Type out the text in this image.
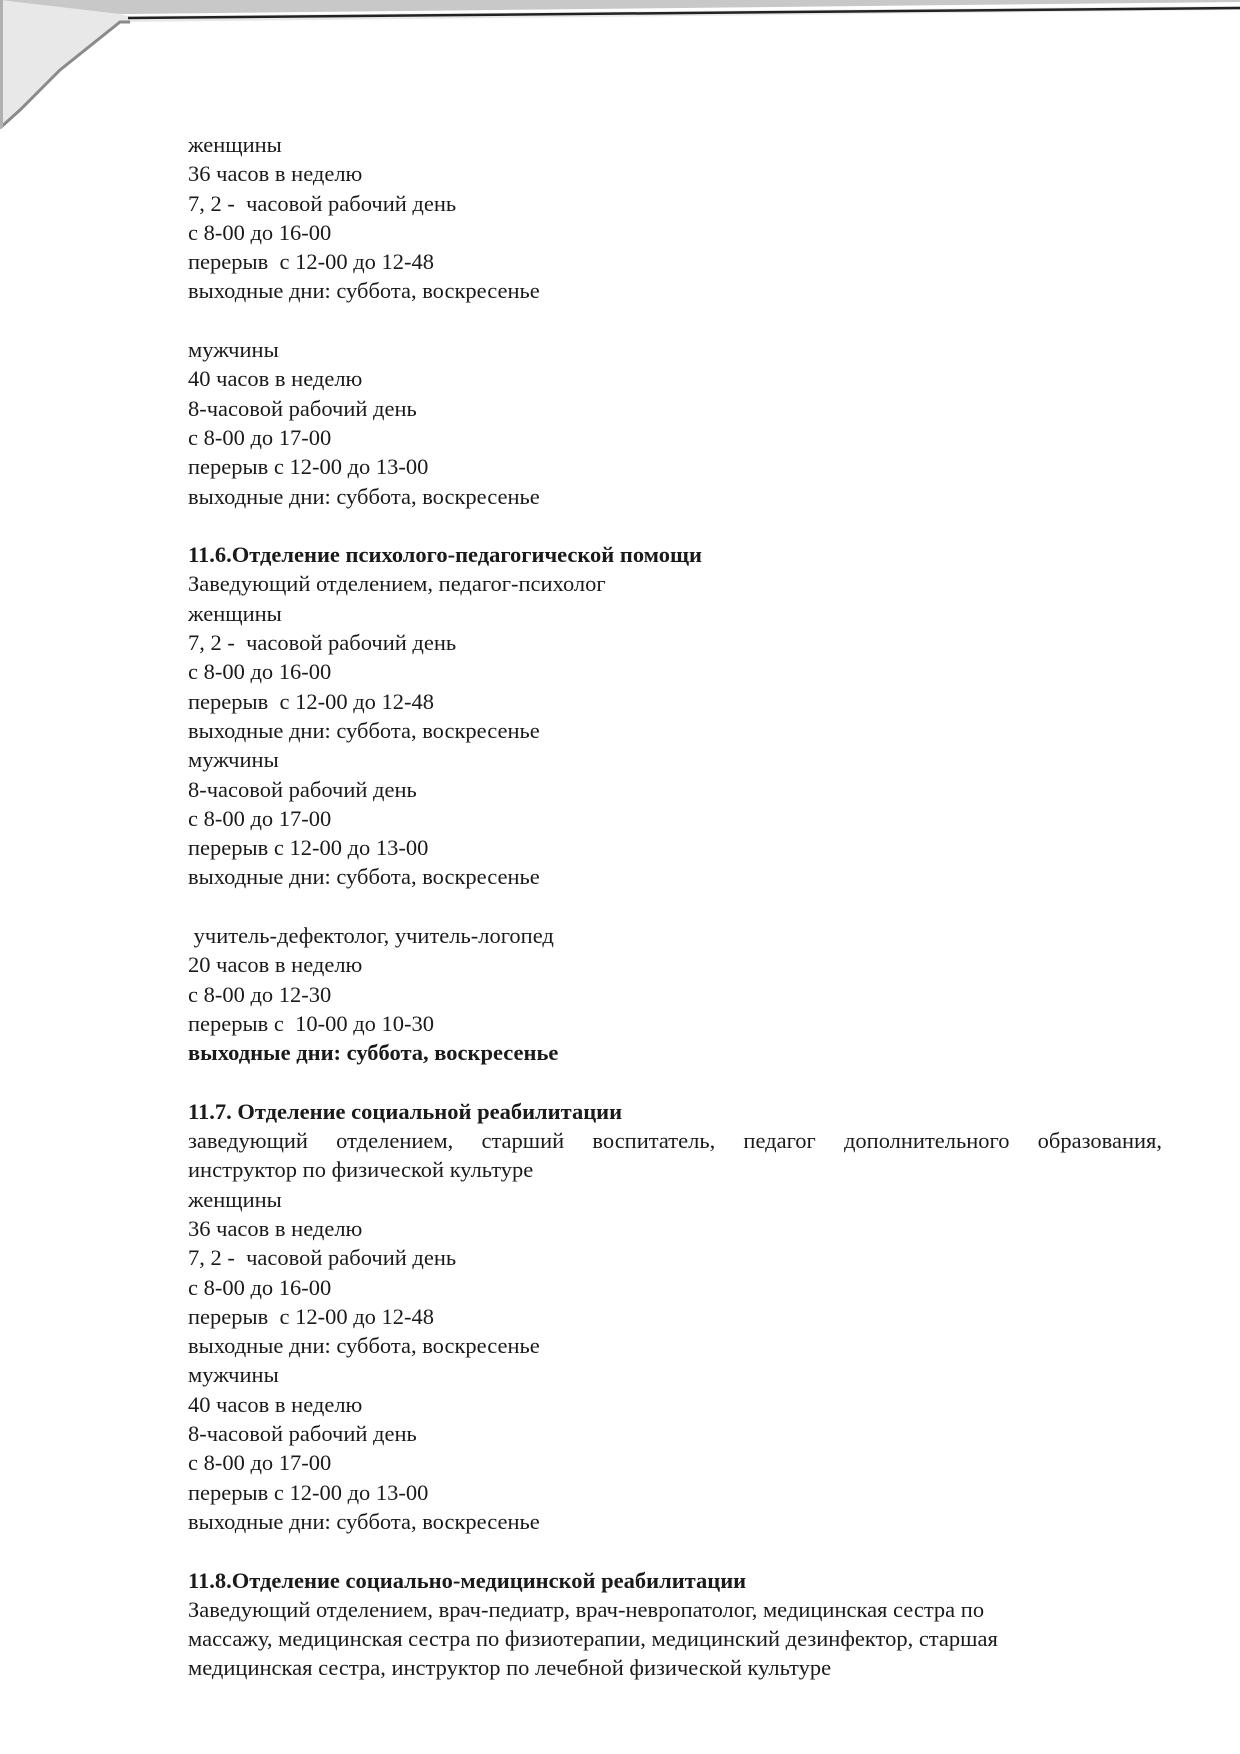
женщины
36 часов в неделю
7, 2 -  часовой рабочий день
с 8-00 до 16-00
перерыв  с 12-00 до 12-48
выходные дни: суббота, воскресенье
мужчины
40 часов в неделю
8-часовой рабочий день
с 8-00 до 17-00
перерыв с 12-00 до 13-00
выходные дни: суббота, воскресенье
11.6.Отделение психолого-педагогической помощи
Заведующий отделением, педагог-психолог
женщины
7, 2 -  часовой рабочий день
с 8-00 до 16-00
перерыв  с 12-00 до 12-48
выходные дни: суббота, воскресенье
мужчины
8-часовой рабочий день
с 8-00 до 17-00
перерыв с 12-00 до 13-00
выходные дни: суббота, воскресенье
учитель-дефектолог, учитель-логопед
20 часов в неделю
с 8-00 до 12-30
перерыв с  10-00 до 10-30
выходные дни: суббота, воскресенье
11.7. Отделение социальной реабилитации
заведующий отделением, старший воспитатель, педагог дополнительного образования,
инструктор по физической культуре
женщины
36 часов в неделю
7, 2 -  часовой рабочий день
с 8-00 до 16-00
перерыв  с 12-00 до 12-48
выходные дни: суббота, воскресенье
мужчины
40 часов в неделю
8-часовой рабочий день
с 8-00 до 17-00
перерыв с 12-00 до 13-00
выходные дни: суббота, воскресенье
11.8.Отделение социально-медицинской реабилитации
Заведующий отделением, врач-педиатр, врач-невропатолог, медицинская сестра по
массажу, медицинская сестра по физиотерапии, медицинский дезинфектор, старшая
медицинская сестра, инструктор по лечебной физической культуре
